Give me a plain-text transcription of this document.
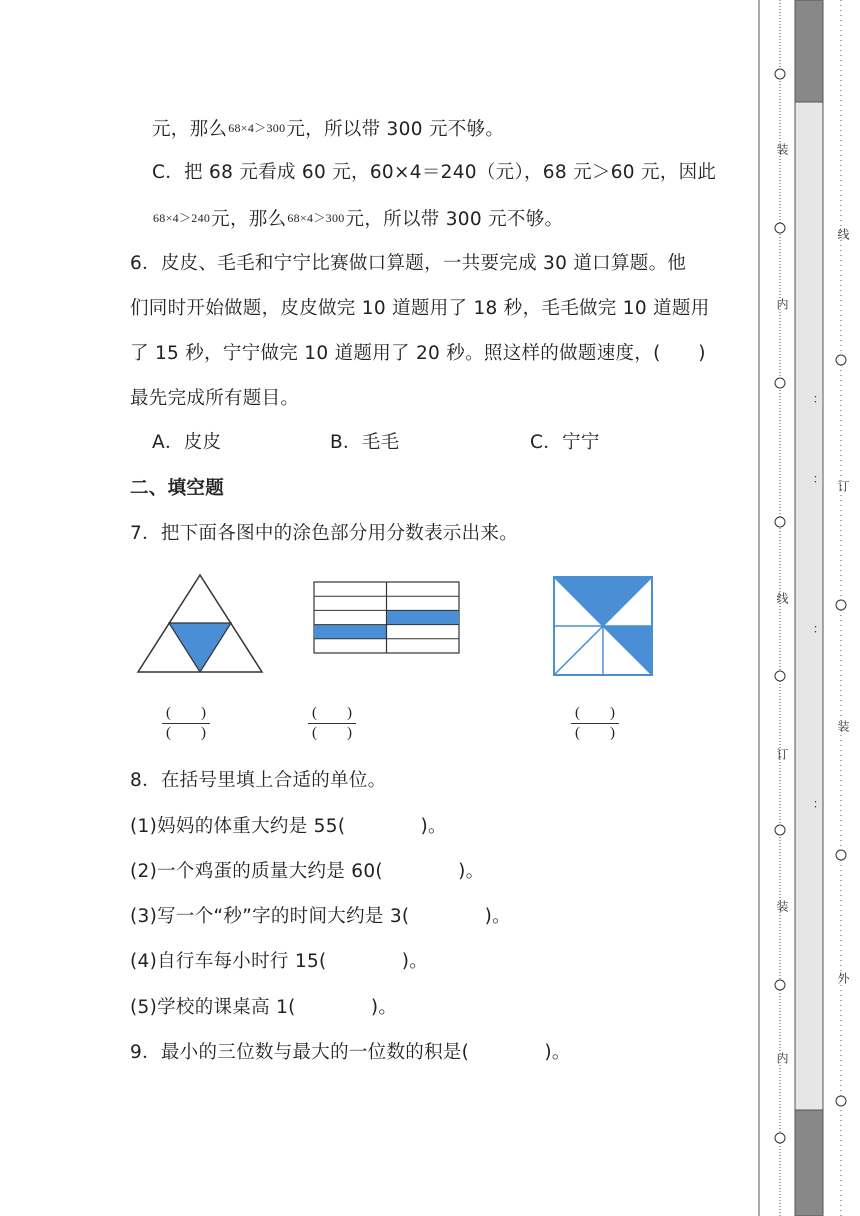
元，那么68×4＞300元，所以带 300 元不够。
C．把 68 元看成 60 元，60×4＝240（元），68 元＞60 元，因此
68×4＞240元，那么68×4＞300元，所以带 300 元不够。
6．皮皮、毛毛和宁宁比赛做口算题，一共要完成 30 道口算题。他
们同时开始做题，皮皮做完 10 道题用了 18 秒，毛毛做完 10 道题用
了 15 秒，宁宁做完 10 道题用了 20 秒。照这样的做题速度，(　　)
最先完成所有题目。
A．皮皮	B．毛毛	C．宁宁
二、填空题
7．把下面各图中的涂色部分用分数表示出来。
(　　)
(　　)
(　　)
(　　)
(　　)
(　　)
8．在括号里填上合适的单位。
(1)妈妈的体重大约是 55(　　　　)。
(2)一个鸡蛋的质量大约是 60(　　　　)。
(3)写一个“秒”字的时间大约是 3(　　　　)。
(4)自行车每小时行 15(　　　　)。
(5)学校的课桌高 1(　　　　)。
9．最小的三位数与最大的一位数的积是(　　　　)。
装
内
线
订
装
内
线
订
装
外
：
：
：
：
